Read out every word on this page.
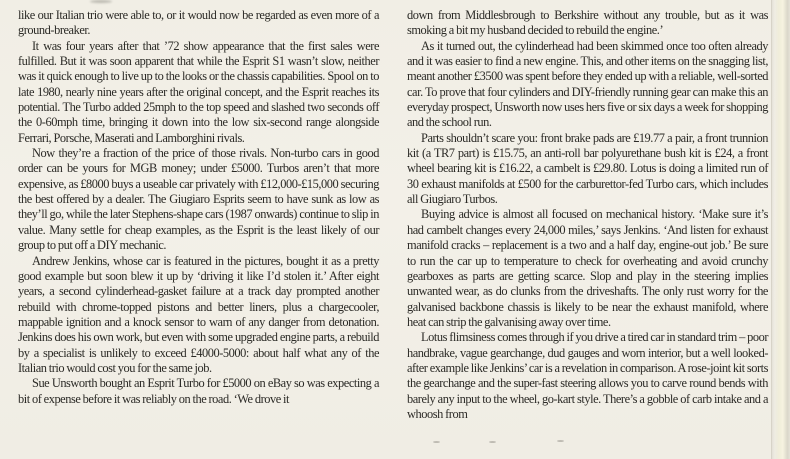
like our Italian trio were able to, or it would now be regarded as even more of a ground-breaker.

It was four years after that ’72 show appearance that the first sales were fulfilled. But it was soon apparent that while the Esprit S1 wasn’t slow, neither was it quick enough to live up to the looks or the chassis capabilities. Spool on to late 1980, nearly nine years after the original concept, and the Esprit reaches its potential. The Turbo added 25mph to the top speed and slashed two seconds off the 0-60mph time, bringing it down into the low six-second range alongside Ferrari, Porsche, Maserati and Lamborghini rivals.

Now they’re a fraction of the price of those rivals. Non-turbo cars in good order can be yours for MGB money; under £5000. Turbos aren’t that more expensive, as £8000 buys a useable car privately with £12,000-£15,000 securing the best offered by a dealer. The Giugiaro Esprits seem to have sunk as low as they’ll go, while the later Stephens-shape cars (1987 onwards) continue to slip in value. Many settle for cheap examples, as the Esprit is the least likely of our group to put off a DIY mechanic.

Andrew Jenkins, whose car is featured in the pictures, bought it as a pretty good example but soon blew it up by ‘driving it like I’d stolen it.’ After eight years, a second cylinderhead-gasket failure at a track day prompted another rebuild with chrome-topped pistons and better liners, plus a chargecooler, mappable ignition and a knock sensor to warn of any danger from detonation. Jenkins does his own work, but even with some upgraded engine parts, a rebuild by a specialist is unlikely to exceed £4000-5000: about half what any of the Italian trio would cost you for the same job.

Sue Unsworth bought an Esprit Turbo for £5000 on eBay so was expecting a bit of expense before it was reliably on the road. ‘We drove it

down from Middlesbrough to Berkshire without any trouble, but as it was smoking a bit my husband decided to rebuild the engine.’

As it turned out, the cylinderhead had been skimmed once too often already and it was easier to find a new engine. This, and other items on the snagging list, meant another £3500 was spent before they ended up with a reliable, well-sorted car. To prove that four cylinders and DIY-friendly running gear can make this an everyday prospect, Unsworth now uses hers five or six days a week for shopping and the school run.

Parts shouldn’t scare you: front brake pads are £19.77 a pair, a front trunnion kit (a TR7 part) is £15.75, an anti-roll bar polyurethane bush kit is £24, a front wheel bearing kit is £16.22, a cambelt is £29.80. Lotus is doing a limited run of 30 exhaust manifolds at £500 for the carburettor-fed Turbo cars, which includes all Giugiaro Turbos.

Buying advice is almost all focused on mechanical history. ‘Make sure it’s had cambelt changes every 24,000 miles,’ says Jenkins. ‘And listen for exhaust manifold cracks – replacement is a two and a half day, engine-out job.’ Be sure to run the car up to temperature to check for overheating and avoid crunchy gearboxes as parts are getting scarce. Slop and play in the steering implies unwanted wear, as do clunks from the driveshafts. The only rust worry for the galvanised backbone chassis is likely to be near the exhaust manifold, where heat can strip the galvanising away over time.

Lotus flimsiness comes through if you drive a tired car in standard trim – poor handbrake, vague gearchange, dud gauges and worn interior, but a well looked-after example like Jenkins’ car is a revelation in comparison. A rose-joint kit sorts the gearchange and the super-fast steering allows you to carve round bends with barely any input to the wheel, go-kart style. There’s a gobble of carb intake and a whoosh from
